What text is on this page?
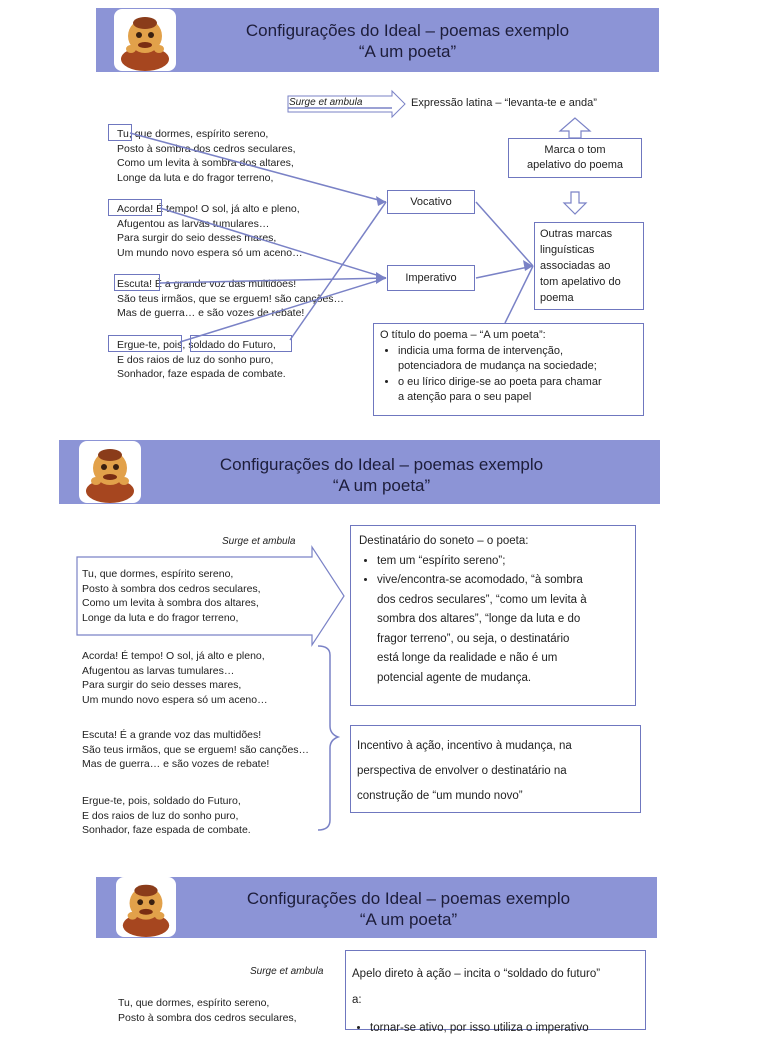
Configurações do Ideal – poemas exemplo
“A um poeta”
Surge et ambula	Expressão latina – “levanta-te e anda”
Tu, que dormes, espírito sereno,
Posto à sombra dos cedros seculares,
Como um levita à sombra dos altares,
Longe da luta e do fragor terreno,
Acorda! É tempo! O sol, já alto e pleno,
Afugentou as larvas tumulares…
Para surgir do seio desses mares,
Um mundo novo espera só um aceno…
Escuta! É a grande voz das multidões!
São teus irmãos, que se erguem! são canções…
Mas de guerra… e são vozes de rebate!
Ergue-te, pois, soldado do Futuro,
E dos raios de luz do sonho puro,
Sonhador, faze espada de combate.
Vocativo
Imperativo
Marca o tom
apelativo do poema
Outras marcas
linguísticas
associadas ao
tom apelativo do
poema
O título do poema – “A um poeta”:
• indicia uma forma de intervenção,
potenciadora de mudança na sociedade;
• o eu lírico dirige-se ao poeta para chamar
a atenção para o seu papel
Configurações do Ideal – poemas exemplo
“A um poeta”
Surge et ambula
Tu, que dormes, espírito sereno,
Posto à sombra dos cedros seculares,
Como um levita à sombra dos altares,
Longe da luta e do fragor terreno,
Acorda! É tempo! O sol, já alto e pleno,
Afugentou as larvas tumulares…
Para surgir do seio desses mares,
Um mundo novo espera só um aceno…
Escuta! É a grande voz das multidões!
São teus irmãos, que se erguem! são canções…
Mas de guerra… e são vozes de rebate!
Ergue-te, pois, soldado do Futuro,
E dos raios de luz do sonho puro,
Sonhador, faze espada de combate.
Destinatário do soneto – o poeta:
• tem um “espírito sereno”;
• vive/encontra-se acomodado, “à sombra
dos cedros seculares”, “como um levita à
sombra dos altares”, “longe da luta e do
fragor terreno”, ou seja, o destinatário
está longe da realidade e não é um
potencial agente de mudança.
Incentivo à ação, incentivo à mudança, na
perspectiva de envolver o destinatário na
construção de “um mundo novo”
Configurações do Ideal – poemas exemplo
“A um poeta”
Surge et ambula
Tu, que dormes, espírito sereno,
Posto à sombra dos cedros seculares,
Apelo direto à ação – incita o “soldado do futuro”
a:
• tornar-se ativo, por isso utiliza o imperativo
